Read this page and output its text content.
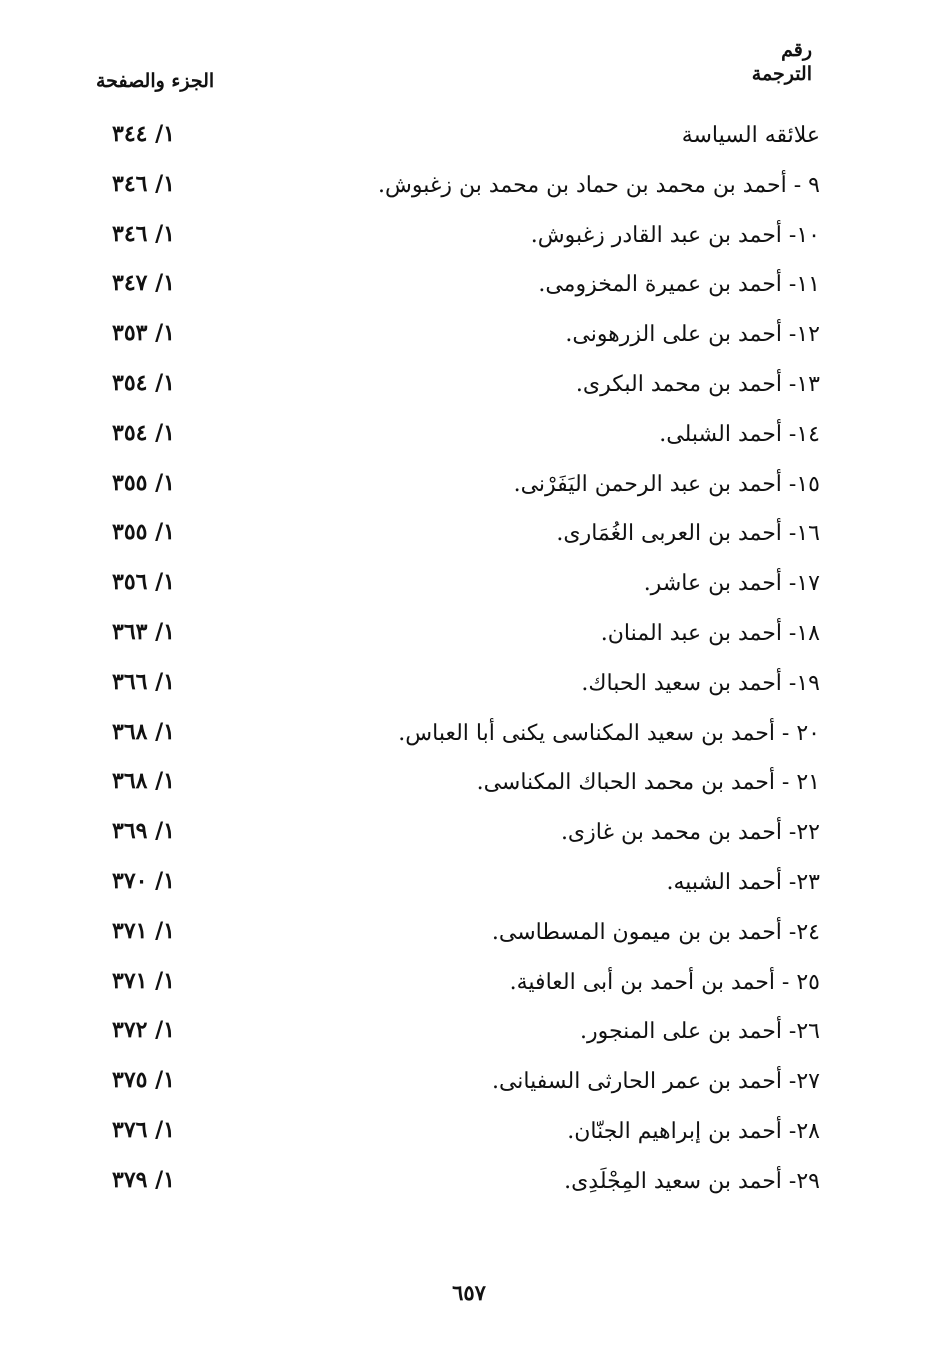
رقم
الترجمة
الجزء والصفحة
علائقه السياسة
١/ ٣٤٤
٩ - أحمد بن محمد بن حماد بن محمد بن زغبوش.
١/ ٣٤٦
١٠- أحمد بن عبد القادر زغبوش.
١/ ٣٤٦
١١- أحمد بن عميرة المخزومى.
١/ ٣٤٧
١٢- أحمد بن على الزرهونى.
١/ ٣٥٣
١٣- أحمد بن محمد البكرى.
١/ ٣٥٤
١٤- أحمد الشبلى.
١/ ٣٥٤
١٥- أحمد بن عبد الرحمن اليَفَرْنى.
١/ ٣٥٥
١٦- أحمد بن العربى الغُمَارى.
١/ ٣٥٥
١٧- أحمد بن عاشر.
١/ ٣٥٦
١٨- أحمد بن عبد المنان.
١/ ٣٦٣
١٩- أحمد بن سعيد الحباك.
١/ ٣٦٦
٢٠ - أحمد بن سعيد المكناسى يكنى أبا العباس.
١/ ٣٦٨
٢١ - أحمد بن محمد الحباك المكناسى.
١/ ٣٦٨
٢٢- أحمد بن محمد بن غازى.
١/ ٣٦٩
٢٣- أحمد الشبيه.
١/ ٣٧٠
٢٤- أحمد بن بن ميمون المسطاسى.
١/ ٣٧١
٢٥ - أحمد بن أحمد بن أبى العافية.
١/ ٣٧١
٢٦- أحمد بن على المنجور.
١/ ٣٧٢
٢٧- أحمد بن عمر الحارثى السفيانى.
١/ ٣٧٥
٢٨- أحمد بن إبراهيم الجنّان.
١/ ٣٧٦
٢٩- أحمد بن سعيد المِجْلَدِى.
١/ ٣٧٩
٦٥٧
